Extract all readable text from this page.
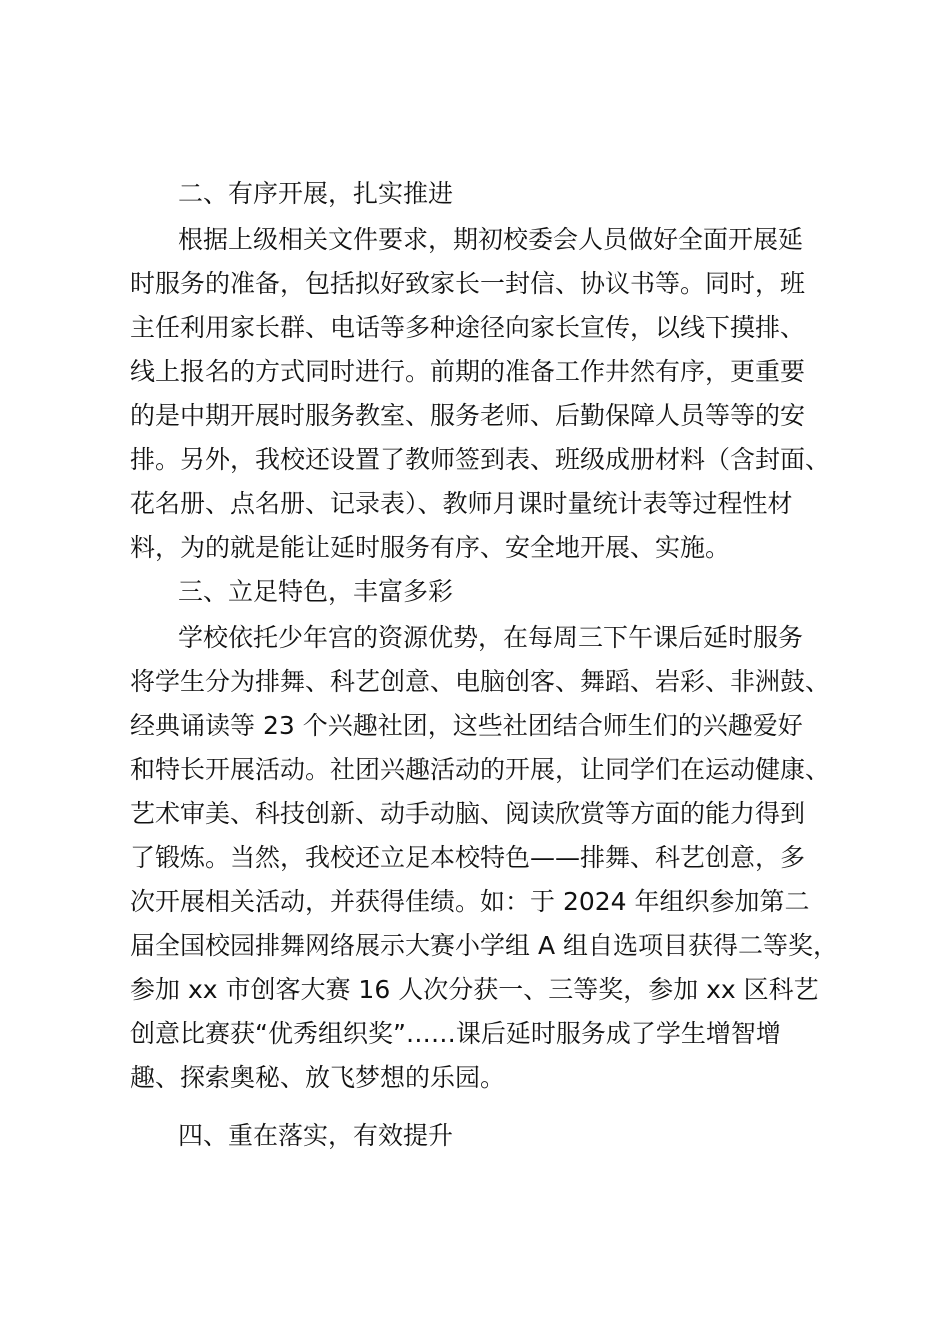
二、有序开展，扎实推进

根据上级相关文件要求，期初校委会人员做好全面开展延

时服务的准备，包括拟好致家长一封信、协议书等。同时，班

主任利用家长群、电话等多种途径向家长宣传，以线下摸排、

线上报名的方式同时进行。前期的准备工作井然有序，更重要

的是中期开展时服务教室、服务老师、后勤保障人员等等的安

排。另外，我校还设置了教师签到表、班级成册材料（含封面、

花名册、点名册、记录表）、教师月课时量统计表等过程性材

料，为的就是能让延时服务有序、安全地开展、实施。

三、立足特色，丰富多彩

学校依托少年宫的资源优势，在每周三下午课后延时服务

将学生分为排舞、科艺创意、电脑创客、舞蹈、岩彩、非洲鼓、

经典诵读等 23 个兴趣社团，这些社团结合师生们的兴趣爱好

和特长开展活动。社团兴趣活动的开展，让同学们在运动健康、

艺术审美、科技创新、动手动脑、阅读欣赏等方面的能力得到

了锻炼。当然，我校还立足本校特色——排舞、科艺创意，多

次开展相关活动，并获得佳绩。如：于 2024 年组织参加第二

届全国校园排舞网络展示大赛小学组 A 组自选项目获得二等奖，

参加 xx 市创客大赛 16 人次分获一、三等奖，参加 xx 区科艺

创意比赛获“优秀组织奖”……课后延时服务成了学生增智增

趣、探索奥秘、放飞梦想的乐园。

四、重在落实，有效提升
